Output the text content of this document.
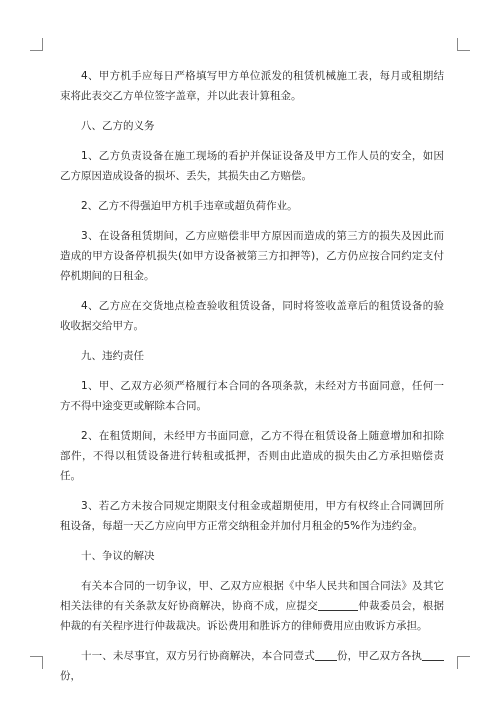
4、甲方机手应每日严格填写甲方单位派发的租赁机械施工表，每月或租期结束将此表交乙方单位签字盖章，并以此表计算租金。

八、乙方的义务

1、乙方负责设备在施工现场的看护并保证设备及甲方工作人员的安全，如因乙方原因造成设备的损坏、丢失，其损失由乙方赔偿。

2、乙方不得强迫甲方机手违章或超负荷作业。

3、在设备租赁期间，乙方应赔偿非甲方原因而造成的第三方的损失及因此而造成的甲方设备停机损失(如甲方设备被第三方扣押等)，乙方仍应按合同约定支付停机期间的日租金。

4、乙方应在交货地点检查验收租赁设备，同时将签收盖章后的租赁设备的验收收据交给甲方。

九、违约责任

1、甲、乙双方必须严格履行本合同的各项条款，未经对方书面同意，任何一方不得中途变更或解除本合同。

2、在租赁期间，未经甲方书面同意，乙方不得在租赁设备上随意增加和扣除部件，不得以租赁设备进行转租或抵押，否则由此造成的损失由乙方承担赔偿责任。

3、若乙方未按合同规定期限支付租金或超期使用，甲方有权终止合同调回所租设备，每超一天乙方应向甲方正常交纳租金并加付月租金的5%作为违约金。

十、争议的解决

有关本合同的一切争议，甲、乙双方应根据《中华人民共和国合同法》及其它相关法律的有关条款友好协商解决，协商不成，应提交	仲裁委员会，根据仲裁的有关程序进行仲裁裁决。诉讼费用和胜诉方的律师费用应由败诉方承担。

十一、未尽事宜，双方另行协商解决，本合同壹式 份，甲乙双方各执份，
